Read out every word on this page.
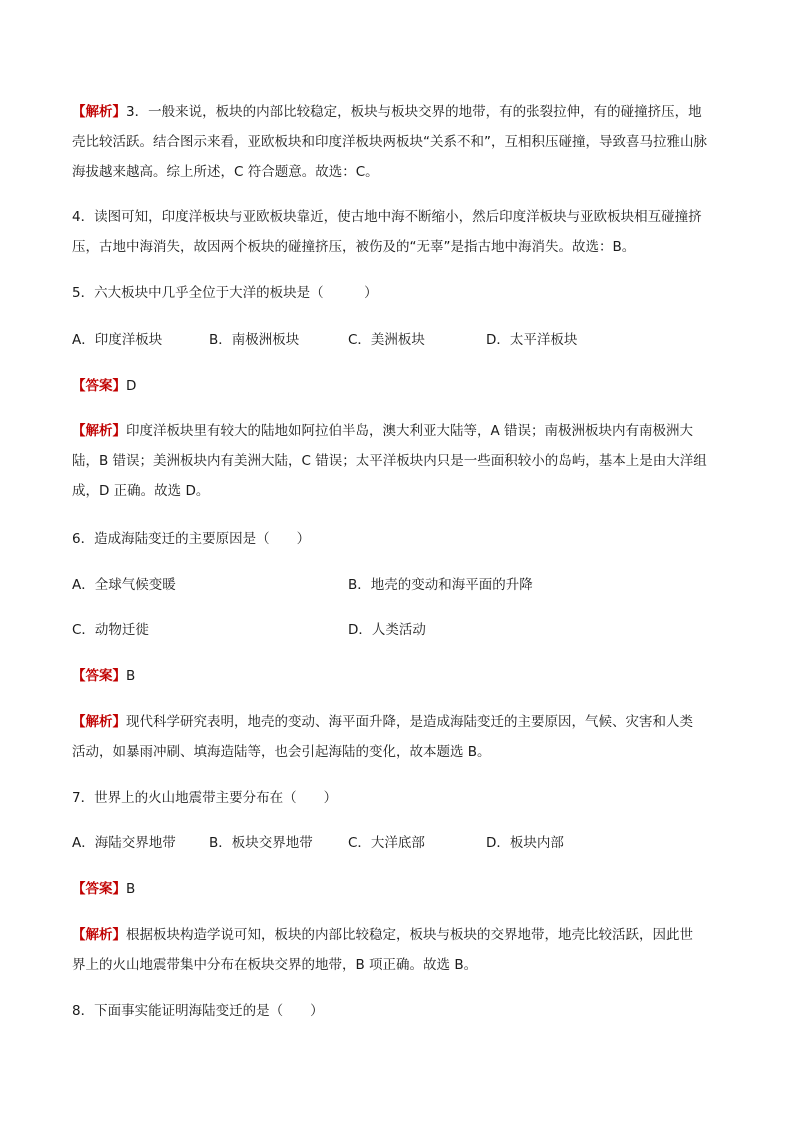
【解析】3．一般来说，板块的内部比较稳定，板块与板块交界的地带，有的张裂拉伸，有的碰撞挤压，地
壳比较活跃。结合图示来看，亚欧板块和印度洋板块两板块“关系不和”，互相积压碰撞，导致喜马拉雅山脉
海拔越来越高。综上所述，C 符合题意。故选：C。
4．读图可知，印度洋板块与亚欧板块靠近，使古地中海不断缩小，然后印度洋板块与亚欧板块相互碰撞挤
压，古地中海消失，故因两个板块的碰撞挤压，被伤及的“无辜”是指古地中海消失。故选：B。
5．六大板块中几乎全位于大洋的板块是（　　　）
A．印度洋板块	B．南极洲板块	C．美洲板块	D．太平洋板块
【答案】D
【解析】印度洋板块里有较大的陆地如阿拉伯半岛，澳大利亚大陆等，A 错误；南极洲板块内有南极洲大
陆，B 错误；美洲板块内有美洲大陆，C 错误；太平洋板块内只是一些面积较小的岛屿，基本上是由大洋组
成，D 正确。故选 D。
6．造成海陆变迁的主要原因是（　　）
A．全球气候变暖	B．地壳的变动和海平面的升降
C．动物迁徙	D．人类活动
【答案】B
【解析】现代科学研究表明，地壳的变动、海平面升降，是造成海陆变迁的主要原因，气候、灾害和人类
活动，如暴雨冲刷、填海造陆等，也会引起海陆的变化，故本题选 B。
7．世界上的火山地震带主要分布在（　　）
A．海陆交界地带 B．板块交界地带	C．大洋底部	D．板块内部
【答案】B
【解析】根据板块构造学说可知，板块的内部比较稳定，板块与板块的交界地带，地壳比较活跃，因此世
界上的火山地震带集中分布在板块交界的地带，B 项正确。故选 B。
8．下面事实能证明海陆变迁的是（　　）
